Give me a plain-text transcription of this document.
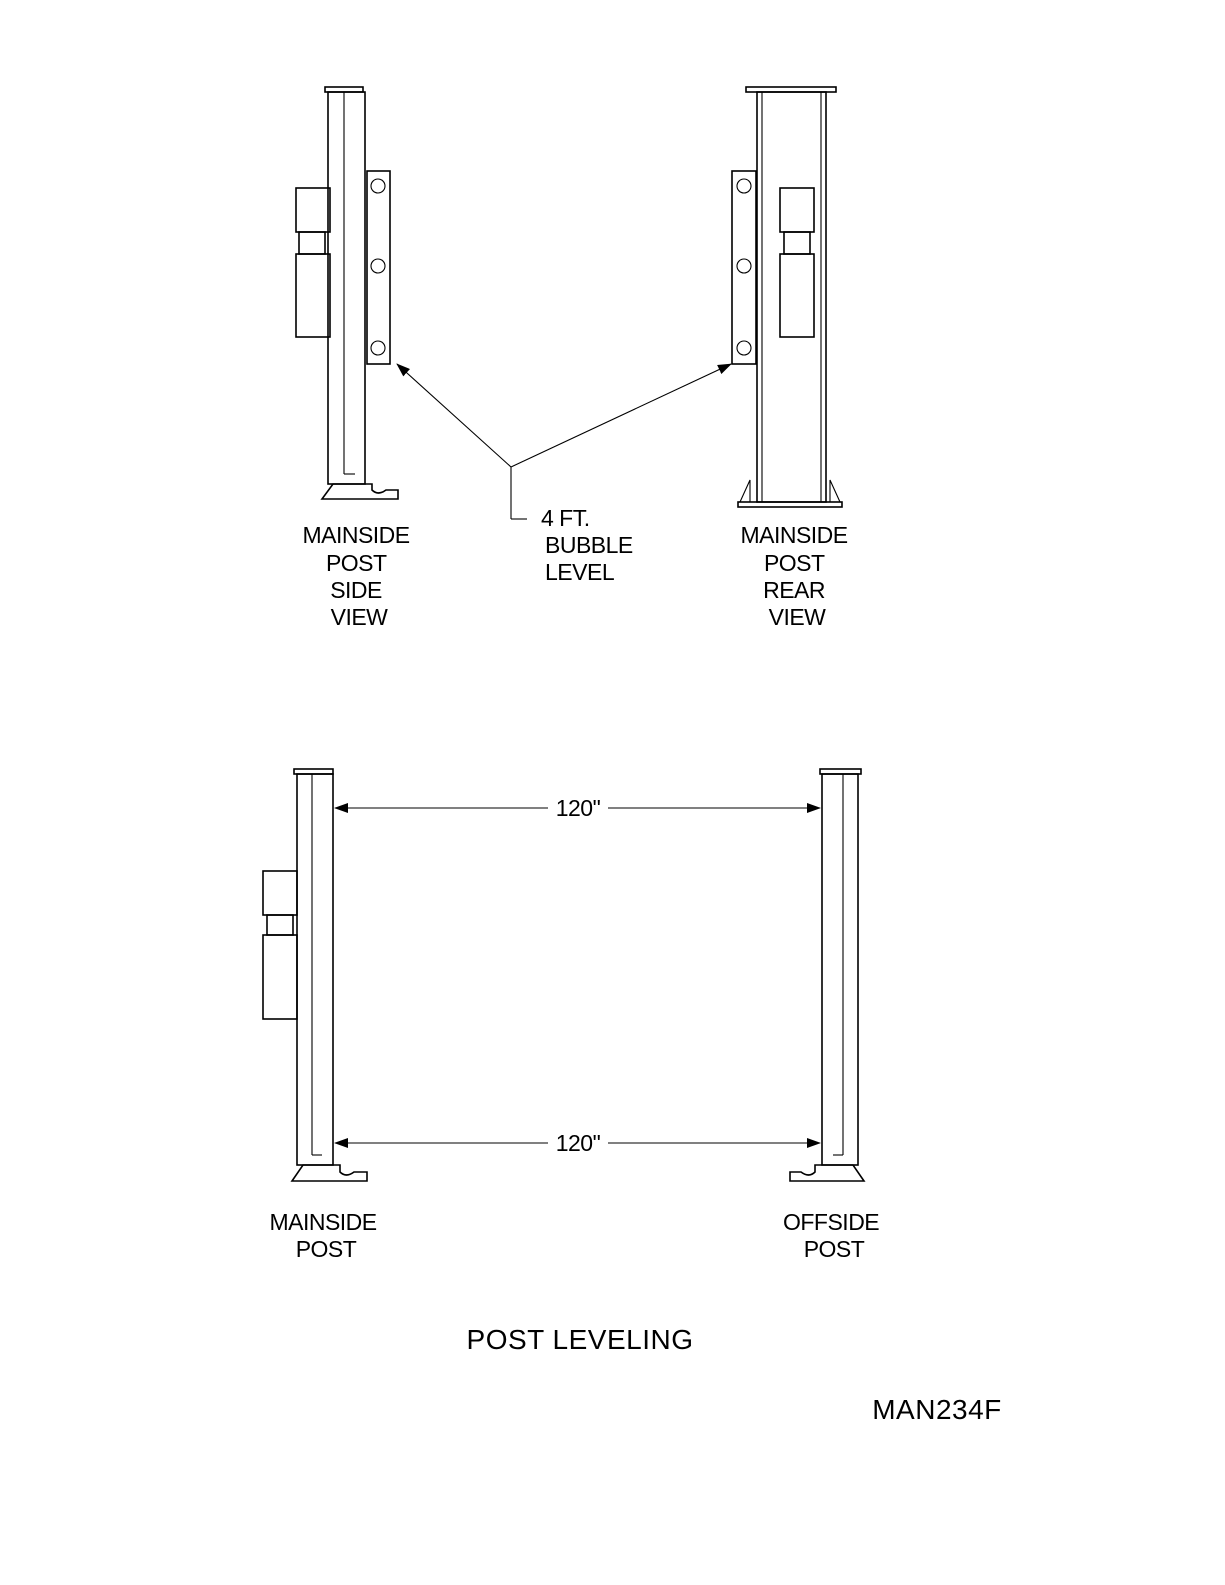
MAINSIDE POST SIDE VIEW
4 FT. BUBBLE LEVEL
MAINSIDE POST REAR VIEW
120"
120"
MAINSIDE POST
OFFSIDE POST
POST LEVELING
MAN234F
